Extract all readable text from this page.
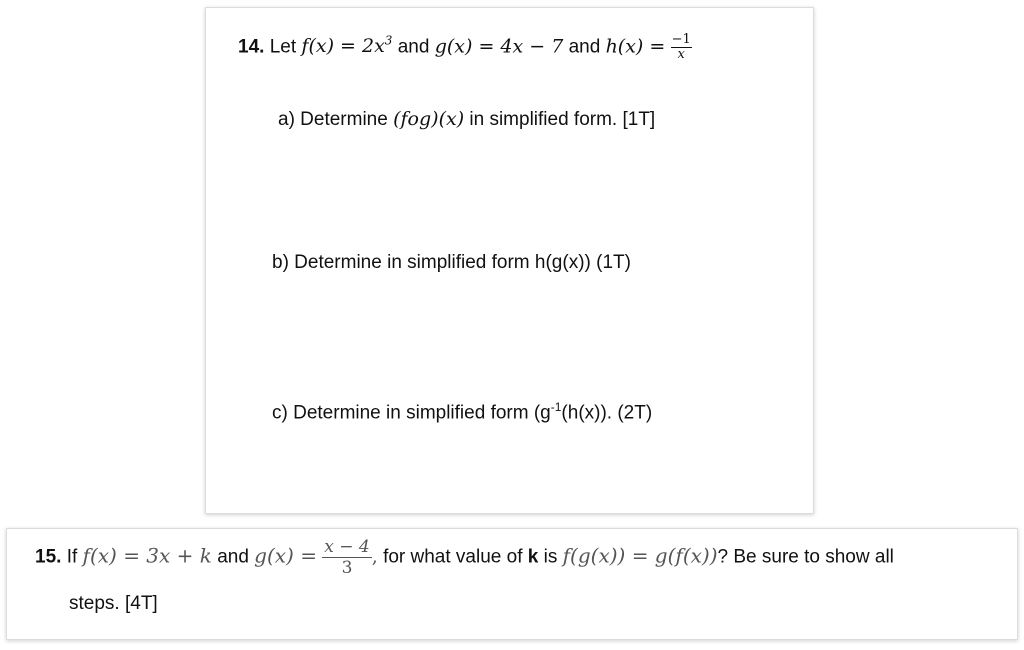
14. Let $f(x) = 2x^3$ and g(x) = 4x − 7 and $h(x) = \frac{-1}{x}$
a) Determine (fog)(x) in simplified form. [1T]
b) Determine in simplified form h(g(x)) (1T)
c) Determine in simplified form ($g^{-1}(h(x))$. (2T)
15. If f(x) = 3x + k and $g(x) = \frac{x - 4}{3}$ , for what value of k is f(g(x)) = g(f(x))? Be sure to show all
steps. [4T]
